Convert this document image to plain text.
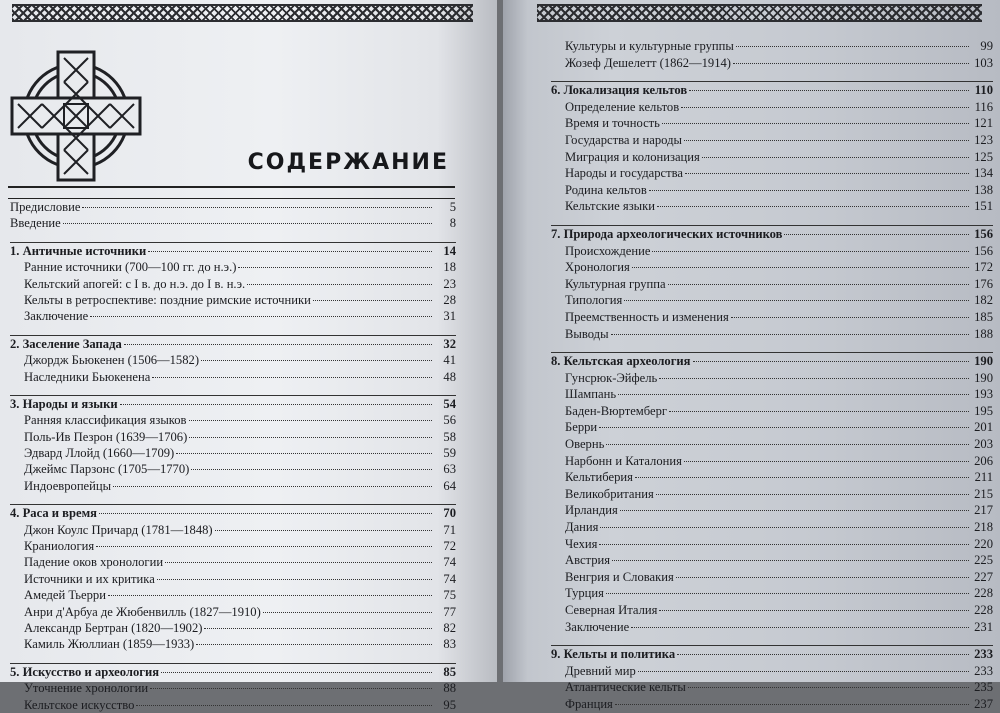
СОДЕРЖАНИЕ
Предисловие	5
Введение	8
1. Античные источники	14
Ранние источники (700—100 гг. до н.э.)	18
Кельтский апогей: с I в. до н.э. до I в. н.э.	23
Кельты в ретроспективе: поздние римские источники	28
Заключение	31
2. Заселение Запада	32
Джордж Бьюкенен (1506—1582)	41
Наследники Бьюкенена	48
3. Народы и языки	54
Ранняя классификация языков	56
Поль-Ив Пезрон (1639—1706)	58
Эдвард Ллойд (1660—1709)	59
Джеймс Парзонс (1705—1770)	63
Индоевропейцы	64
4. Раса и время	70
Джон Коулс Причард (1781—1848)	71
Краниология	72
Падение оков хронологии	74
Источники и их критика	74
Амедей Тьерри	75
Анри д'Арбуа де Жюбенвилль (1827—1910)	77
Александр Бертран (1820—1902)	82
Камиль Жюллиан (1859—1933)	83
5. Искусство и археология	85
Уточнение хронологии	88
Кельтское искусство	95
Культуры и культурные группы	99
Жозеф Дешелетт (1862—1914)	103
6. Локализация кельтов	110
Определение кельтов	116
Время и точность	121
Государства и народы	123
Миграция и колонизация	125
Народы и государства	134
Родина кельтов	138
Кельтские языки	151
7. Природа археологических источников	156
Происхождение	156
Хронология	172
Культурная группа	176
Типология	182
Преемственность и изменения	185
Выводы	188
8. Кельтская археология	190
Гунсрюк-Эйфель	190
Шампань	193
Баден-Вюртемберг	195
Берри	201
Овернь	203
Нарбонн и Каталония	206
Кельтиберия	211
Великобритания	215
Ирландия	217
Дания	218
Чехия	220
Австрия	225
Венгрия и Словакия	227
Турция	228
Северная Италия	228
Заключение	231
9. Кельты и политика	233
Древний мир	233
Атлантические кельты	235
Франция	237
